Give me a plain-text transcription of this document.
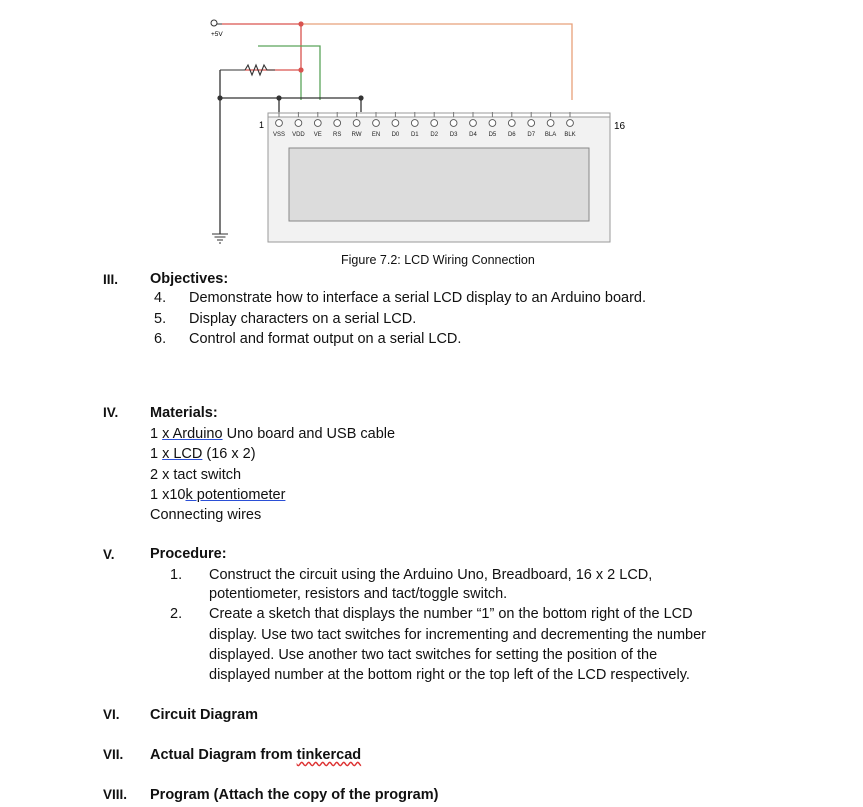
VSS VDD VE RS RW EN D0 D1 D2 D3 D4 D5 D6 D7 BLA BLK
+5V
1	16
Figure 7.2: LCD Wiring Connection
III. Objectives:
4. Demonstrate how to interface a serial LCD display to an Arduino board.
5. Display characters on a serial LCD.
6. Control and format output on a serial LCD.
IV. Materials:
1 x Arduino Uno board and USB cable
1 x LCD (16 x 2)
2 x tact switch
1 x10k potentiometer
Connecting wires
V. Procedure:
1. Construct the circuit using the Arduino Uno, Breadboard, 16 x 2 LCD,
potentiometer, resistors and tact/toggle switch.
2. Create a sketch that displays the number “1” on the bottom right of the LCD
display. Use two tact switches for incrementing and decrementing the number
displayed. Use another two tact switches for setting the position of the
displayed number at the bottom right or the top left of the LCD respectively.
VI. Circuit Diagram
VII. Actual Diagram from tinkercad
VIII. Program (Attach the copy of the program)
